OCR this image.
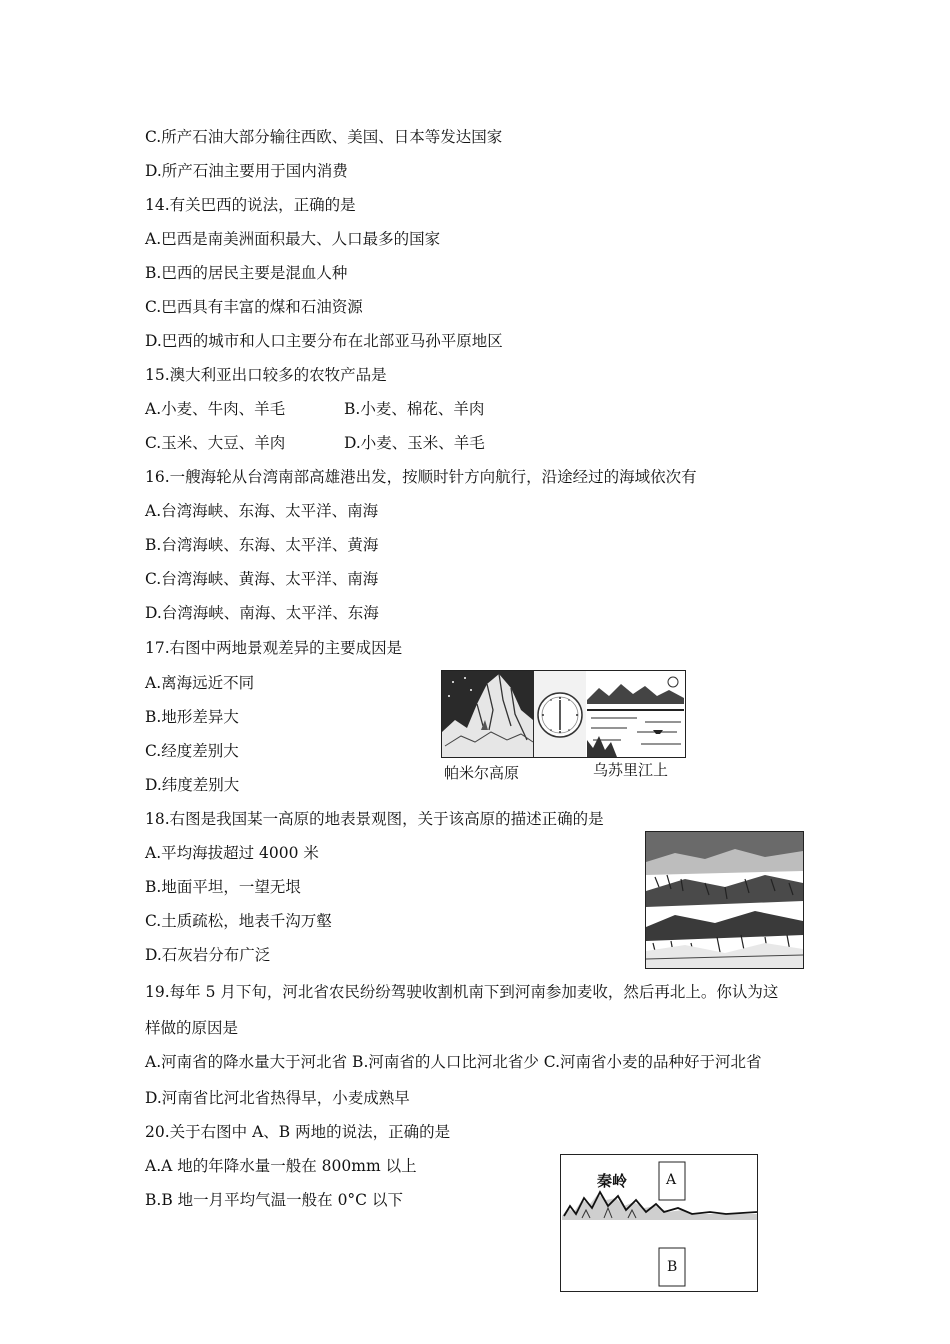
C.所产石油大部分输往西欧、美国、日本等发达国家
D.所产石油主要用于国内消费
14.有关巴西的说法，正确的是
A.巴西是南美洲面积最大、人口最多的国家
B.巴西的居民主要是混血人种
C.巴西具有丰富的煤和石油资源
D.巴西的城市和人口主要分布在北部亚马孙平原地区
15.澳大利亚出口较多的农牧产品是
A.小麦、牛肉、羊毛	B.小麦、棉花、羊肉
C.玉米、大豆、羊肉	D.小麦、玉米、羊毛
16.一艘海轮从台湾南部高雄港出发，按顺时针方向航行，沿途经过的海域依次有
A.台湾海峡、东海、太平洋、南海
B.台湾海峡、东海、太平洋、黄海
C.台湾海峡、黄海、太平洋、南海
D.台湾海峡、南海、太平洋、东海
17.右图中两地景观差异的主要成因是
A.离海远近不同
B.地形差异大
C.经度差别大
D.纬度差别大
18.右图是我国某一高原的地表景观图，关于该高原的描述正确的是
A.平均海拔超过 4000 米
B.地面平坦，一望无垠
C.土质疏松，地表千沟万壑
D.石灰岩分布广泛
19.每年 5 月下旬，河北省农民纷纷驾驶收割机南下到河南参加麦收，然后再北上。你认为这
样做的原因是
A.河南省的降水量大于河北省 B.河南省的人口比河北省少 C.河南省小麦的品种好于河北省
D.河南省比河北省热得早，小麦成熟早
20.关于右图中 A、B 两地的说法，正确的是
A.A 地的年降水量一般在 800mm 以上
B.B 地一月平均气温一般在 0°C 以下
帕米尔高原	乌苏里江上
秦岭	A
B
